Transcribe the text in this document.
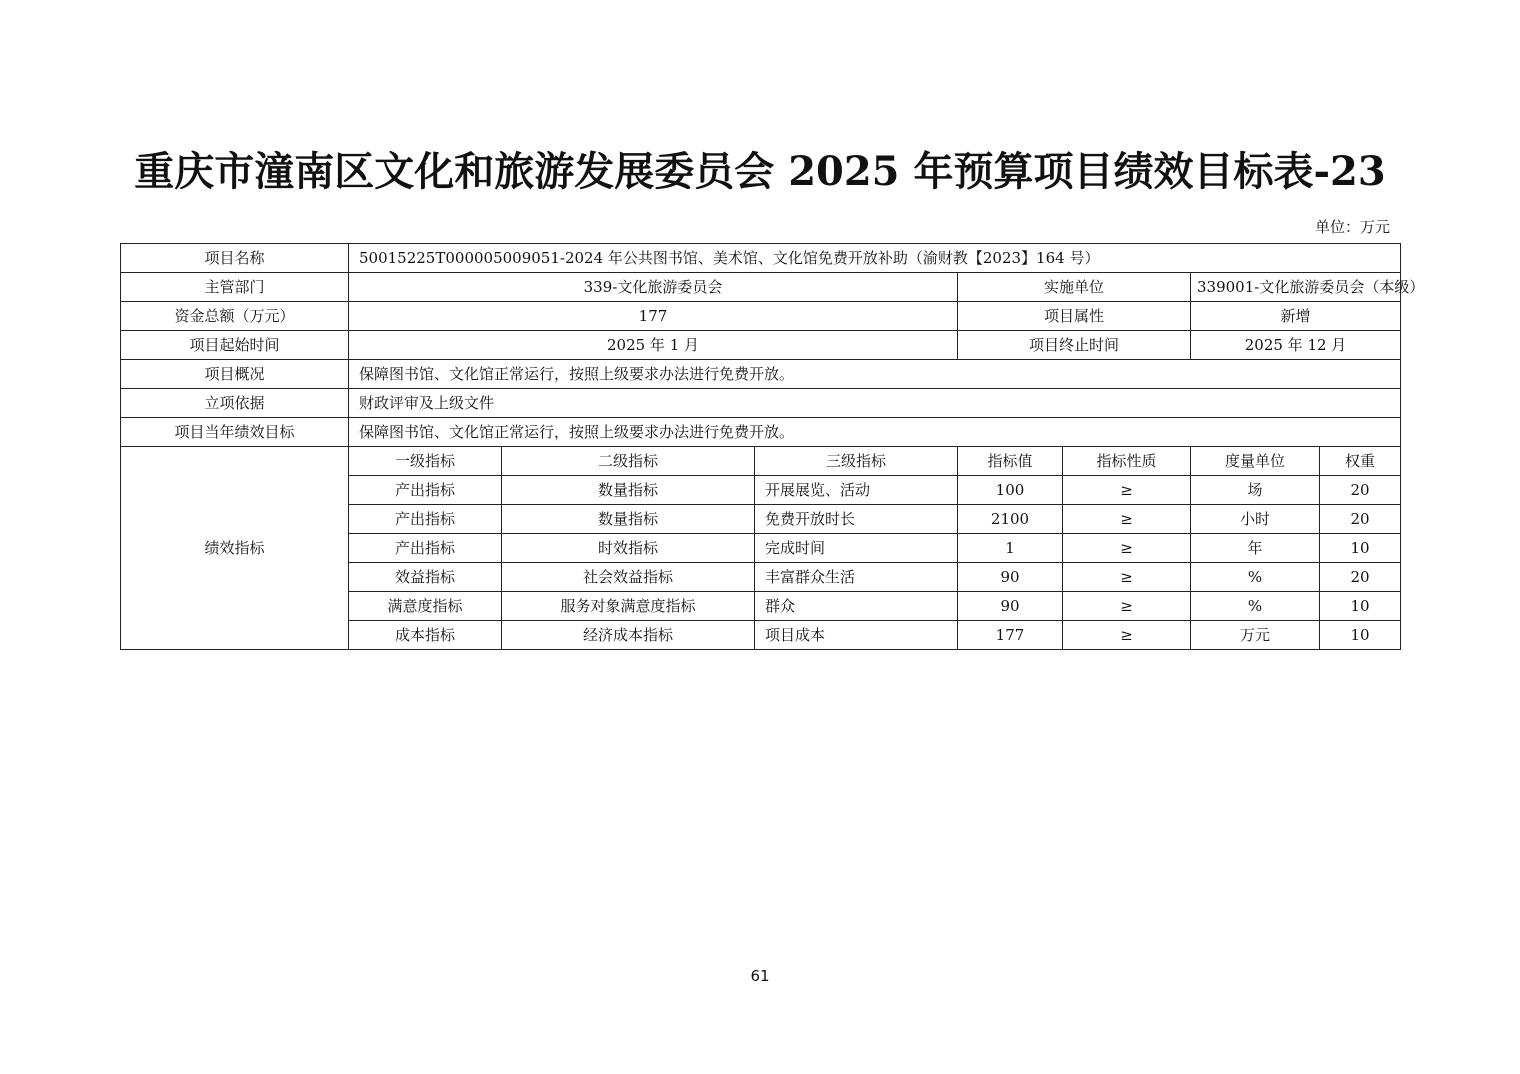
重庆市潼南区文化和旅游发展委员会 2025 年预算项目绩效目标表-23
单位：万元
项目名称	50015225T000005009051-2024 年公共图书馆、美术馆、文化馆免费开放补助（渝财教【2023】164 号）						
主管部门	339-文化旅游委员会			实施单位		339001-文化旅游委员会（本级）	
资金总额（万元）	177			项目属性		新增	
项目起始时间	2025 年 1 月			项目终止时间		2025 年 12 月	
项目概况	保障图书馆、文化馆正常运行，按照上级要求办法进行免费开放。						
立项依据	财政评审及上级文件						
项目当年绩效目标	保障图书馆、文化馆正常运行，按照上级要求办法进行免费开放。						
绩效指标	一级指标	二级指标	三级指标	指标值	指标性质	度量单位	权重
	产出指标	数量指标	开展展览、活动	100	≥	场	20
	产出指标	数量指标	免费开放时长	2100	≥	小时	20
	产出指标	时效指标	完成时间	1	≥	年	10
	效益指标	社会效益指标	丰富群众生活	90	≥	%	20
	满意度指标	服务对象满意度指标	群众	90	≥	%	10
	成本指标	经济成本指标	项目成本	177	≥	万元	10
61
